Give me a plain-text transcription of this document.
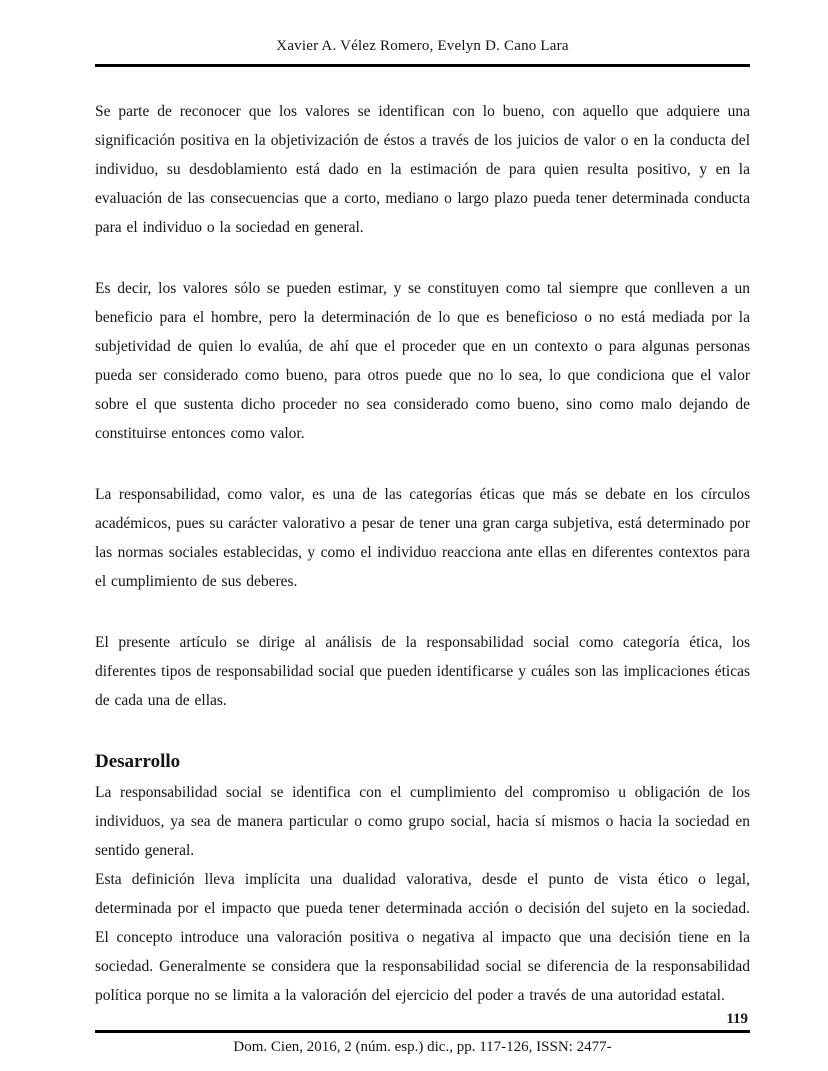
Xavier A. Vélez Romero, Evelyn D. Cano Lara

Se parte de reconocer que los valores se identifican con lo bueno, con aquello que adquiere una significación positiva en la objetivización de éstos a través de los juicios de valor o en la conducta del individuo, su desdoblamiento está dado en la estimación de para quien resulta positivo, y en la evaluación de las consecuencias que a corto, mediano o largo plazo pueda tener determinada conducta para el individuo o la sociedad en general.

Es decir, los valores sólo se pueden estimar, y se constituyen como tal siempre que conlleven a un beneficio para el hombre, pero la determinación de lo que es beneficioso o no está mediada por la subjetividad de quien lo evalúa, de ahí que el proceder que en un contexto o para algunas personas pueda ser considerado como bueno, para otros puede que no lo sea, lo que condiciona que el valor sobre el que sustenta dicho proceder no sea considerado como bueno, sino como malo dejando de constituirse entonces como valor.

La responsabilidad, como valor, es una de las categorías éticas que más se debate en los círculos académicos, pues su carácter valorativo a pesar de tener una gran carga subjetiva, está determinado por las normas sociales establecidas, y como el individuo reacciona ante ellas en diferentes contextos para el cumplimiento de sus deberes.

El presente artículo se dirige al análisis de la responsabilidad social como categoría ética, los diferentes tipos de responsabilidad social que pueden identificarse y cuáles son las implicaciones éticas de cada una de ellas.

Desarrollo

La responsabilidad social se identifica con el cumplimiento del compromiso u obligación de los individuos, ya sea de manera particular o como grupo social, hacia sí mismos o hacia la sociedad en sentido general.

Esta definición lleva implícita una dualidad valorativa, desde el punto de vista ético o legal, determinada por el impacto que pueda tener determinada acción o decisión del sujeto en la sociedad. El concepto introduce una valoración positiva o negativa al impacto que una decisión tiene en la sociedad. Generalmente se considera que la responsabilidad social se diferencia de la responsabilidad política porque no se limita a la valoración del ejercicio del poder a través de una autoridad estatal.

119
Dom. Cien, 2016, 2 (núm. esp.) dic., pp. 117-126, ISSN: 2477-
